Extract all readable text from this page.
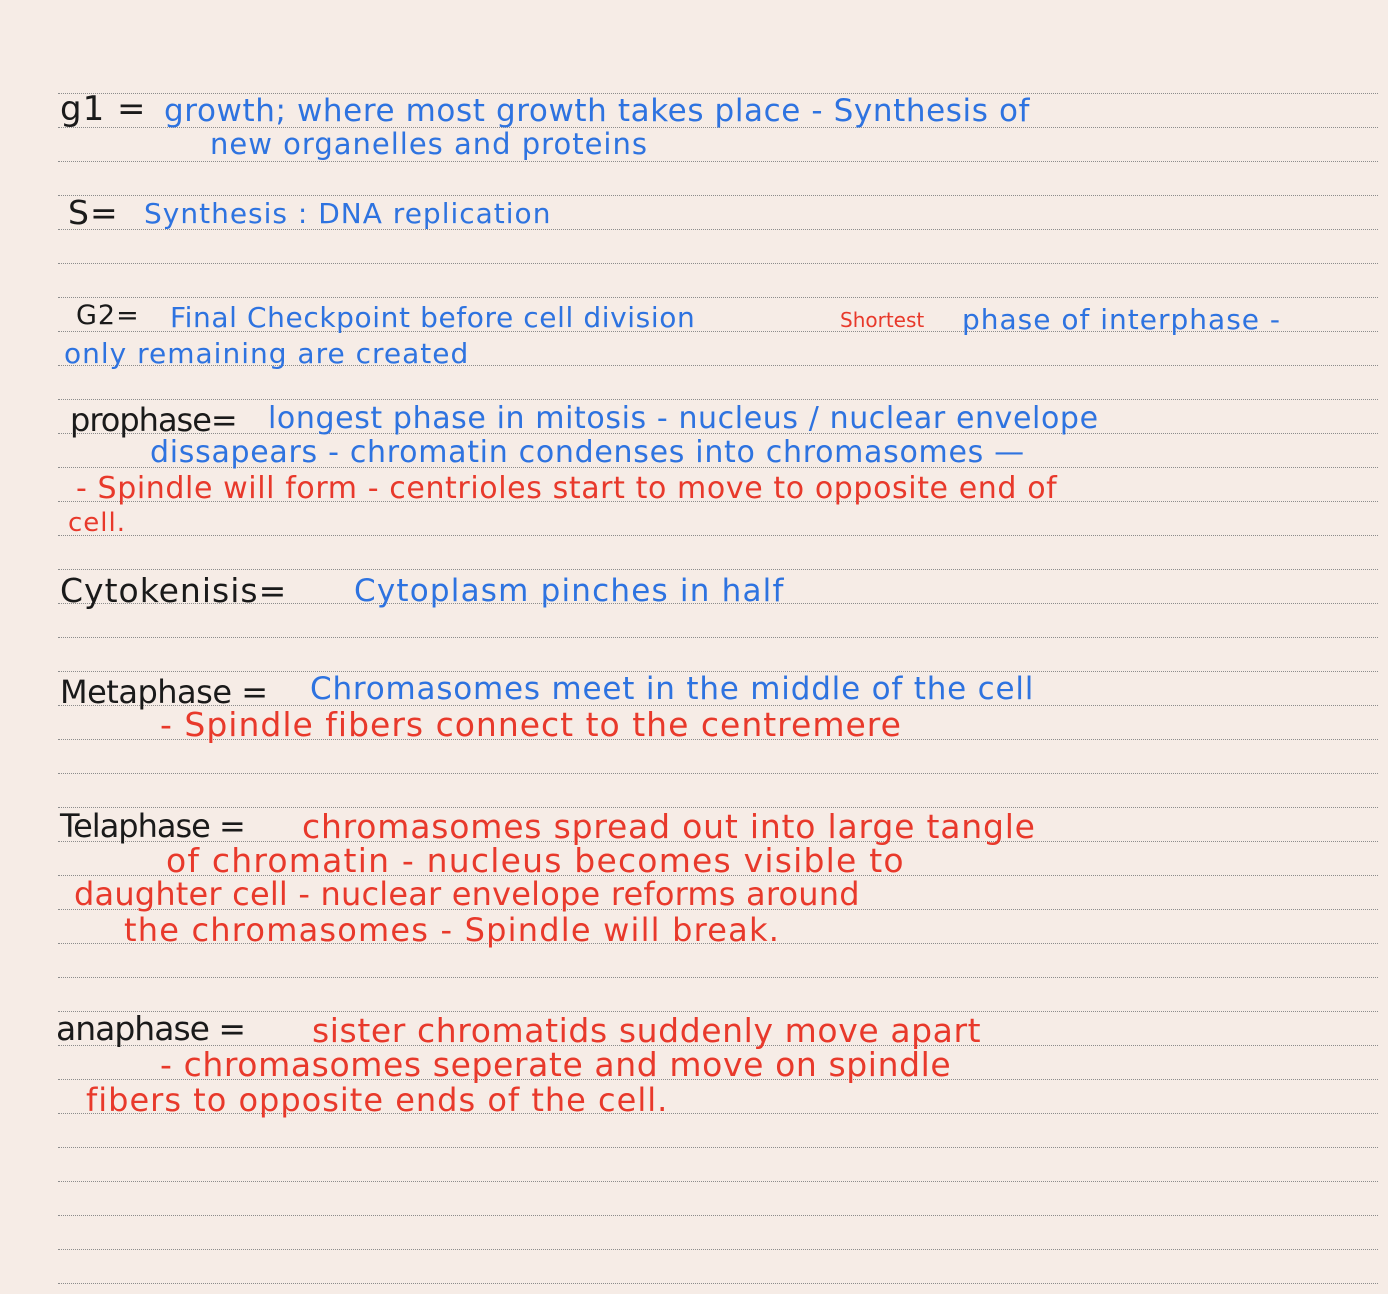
g1 = growth; where most growth takes place - Synthesis of
new organelles and proteins
S= Synthesis : DNA replication
G2= Final Checkpoint before cell division	Shortest phase of interphase -
only remaining are created
prophase= longest phase in mitosis - nucleus / nuclear envelope
dissapears - chromatin condenses into chromasomes —
- Spindle will form - centrioles start to move to opposite end of
cell.
Cytokenisis= Cytoplasm pinches in half
Metaphase = Chromasomes meet in the middle of the cell
- Spindle fibers connect to the centremere
Telaphase = chromasomes spread out into large tangle
of chromatin - nucleus becomes visible to
daughter cell - nuclear envelope reforms around
the chromasomes - Spindle will break.
anaphase = sister chromatids suddenly move apart
- chromasomes seperate and move on spindle
fibers to opposite ends of the cell.
